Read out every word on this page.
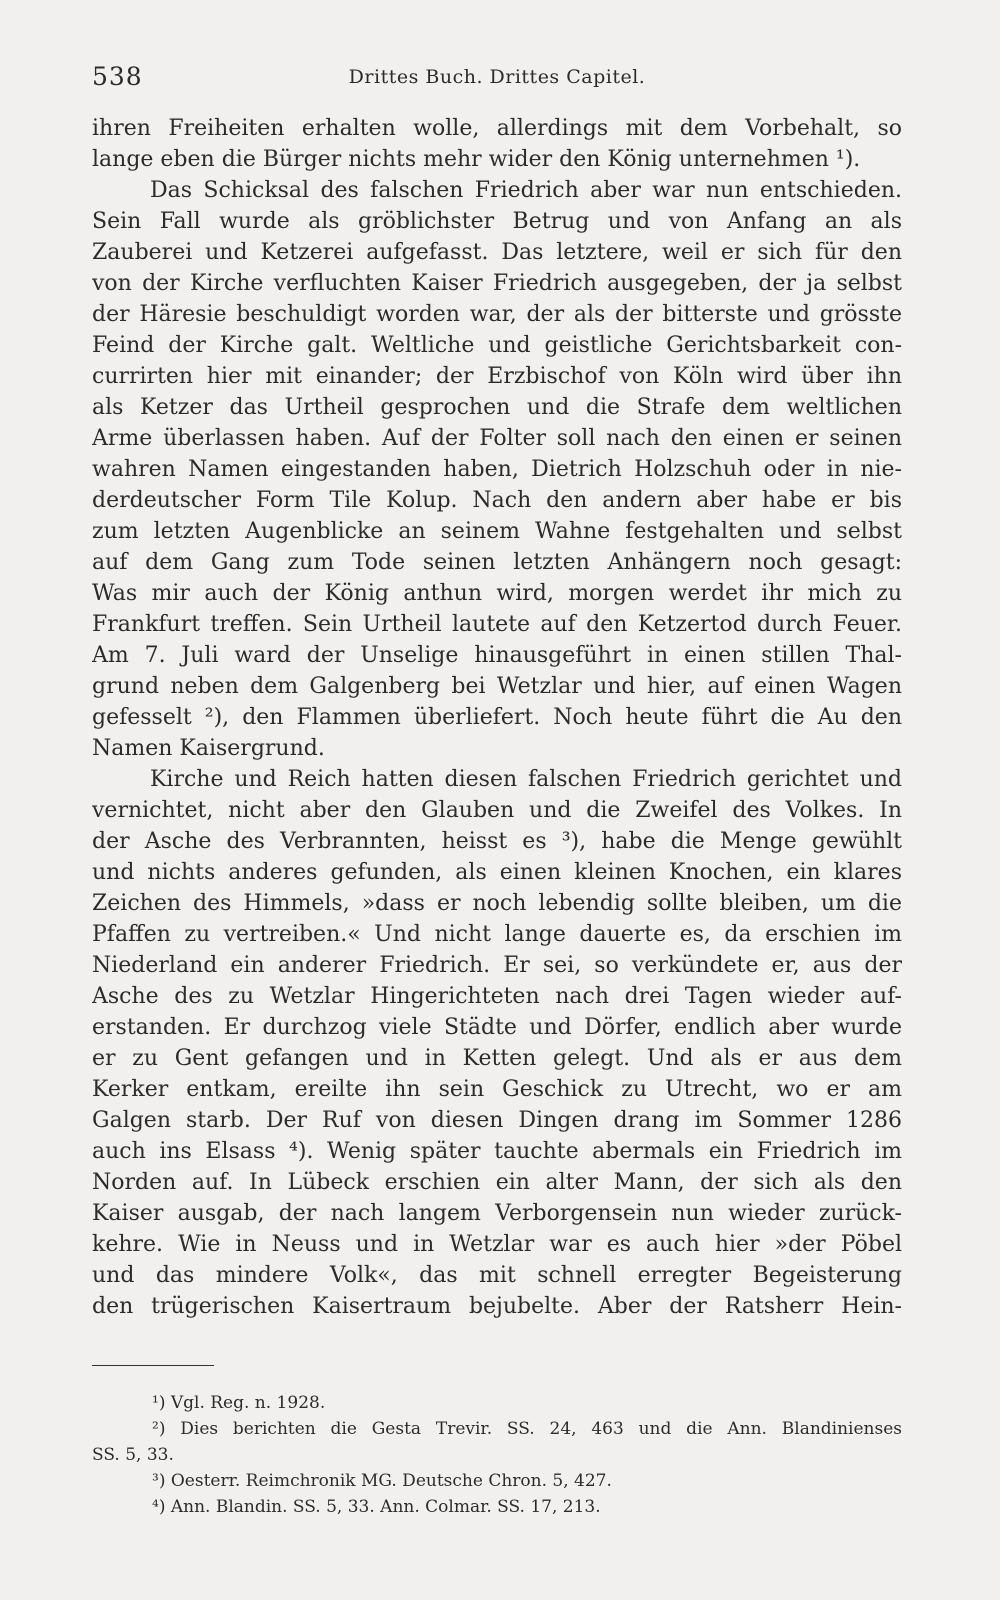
538	Drittes Buch. Drittes Capitel.
ihren Freiheiten erhalten wolle, allerdings mit dem Vorbehalt, so
lange eben die Bürger nichts mehr wider den König unternehmen ¹).
Das Schicksal des falschen Friedrich aber war nun entschieden.
Sein Fall wurde als gröblichster Betrug und von Anfang an als
Zauberei und Ketzerei aufgefasst. Das letztere, weil er sich für den
von der Kirche verfluchten Kaiser Friedrich ausgegeben, der ja selbst
der Häresie beschuldigt worden war, der als der bitterste und grösste
Feind der Kirche galt. Weltliche und geistliche Gerichtsbarkeit con-
currirten hier mit einander; der Erzbischof von Köln wird über ihn
als Ketzer das Urtheil gesprochen und die Strafe dem weltlichen
Arme überlassen haben. Auf der Folter soll nach den einen er seinen
wahren Namen eingestanden haben, Dietrich Holzschuh oder in nie-
derdeutscher Form Tile Kolup. Nach den andern aber habe er bis
zum letzten Augenblicke an seinem Wahne festgehalten und selbst
auf dem Gang zum Tode seinen letzten Anhängern noch gesagt:
Was mir auch der König anthun wird, morgen werdet ihr mich zu
Frankfurt treffen. Sein Urtheil lautete auf den Ketzertod durch Feuer.
Am 7. Juli ward der Unselige hinausgeführt in einen stillen Thal-
grund neben dem Galgenberg bei Wetzlar und hier, auf einen Wagen
gefesselt ²), den Flammen überliefert. Noch heute führt die Au den
Namen Kaisergrund.
Kirche und Reich hatten diesen falschen Friedrich gerichtet und
vernichtet, nicht aber den Glauben und die Zweifel des Volkes. In
der Asche des Verbrannten, heisst es ³), habe die Menge gewühlt
und nichts anderes gefunden, als einen kleinen Knochen, ein klares
Zeichen des Himmels, »dass er noch lebendig sollte bleiben, um die
Pfaffen zu vertreiben.« Und nicht lange dauerte es, da erschien im
Niederland ein anderer Friedrich. Er sei, so verkündete er, aus der
Asche des zu Wetzlar Hingerichteten nach drei Tagen wieder auf-
erstanden. Er durchzog viele Städte und Dörfer, endlich aber wurde
er zu Gent gefangen und in Ketten gelegt. Und als er aus dem
Kerker entkam, ereilte ihn sein Geschick zu Utrecht, wo er am
Galgen starb. Der Ruf von diesen Dingen drang im Sommer 1286
auch ins Elsass ⁴). Wenig später tauchte abermals ein Friedrich im
Norden auf. In Lübeck erschien ein alter Mann, der sich als den
Kaiser ausgab, der nach langem Verborgensein nun wieder zurück-
kehre. Wie in Neuss und in Wetzlar war es auch hier »der Pöbel
und das mindere Volk«, das mit schnell erregter Begeisterung
den trügerischen Kaisertraum bejubelte. Aber der Ratsherr Hein-
¹) Vgl. Reg. n. 1928.
²) Dies berichten die Gesta Trevir. SS. 24, 463 und die Ann. Blandinienses
SS. 5, 33.
³) Oesterr. Reimchronik MG. Deutsche Chron. 5, 427.
⁴) Ann. Blandin. SS. 5, 33. Ann. Colmar. SS. 17, 213.
